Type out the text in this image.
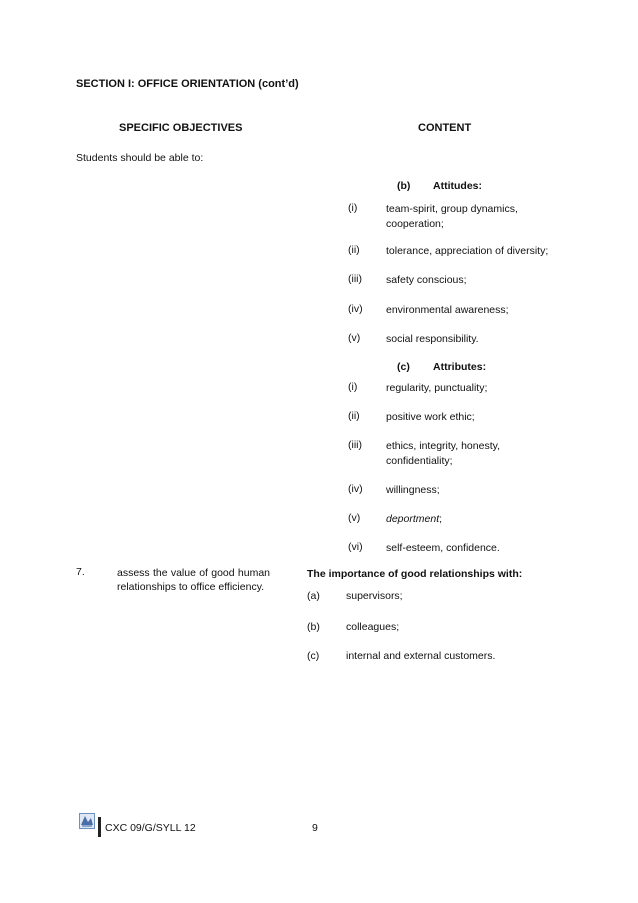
SECTION I: OFFICE ORIENTATION (cont’d)
SPECIFIC OBJECTIVES	CONTENT
Students should be able to:
(b) Attitudes:
(i)	team-spirit, group dynamics, cooperation;
(ii)	tolerance, appreciation of diversity;
(iii)	safety conscious;
(iv)	environmental awareness;
(v)	social responsibility.
(c) Attributes:
(i)	regularity, punctuality;
(ii)	positive work ethic;
(iii)	ethics, integrity, honesty, confidentiality;
(iv)	willingness;
(v)	deportment;
(vi)	self-esteem, confidence.
7.	assess the value of good human relationships to office efficiency.
The importance of good relationships with:
(a) supervisors;
(b) colleagues;
(c)	internal and external customers.
CXC 09/G/SYLL 12	9
